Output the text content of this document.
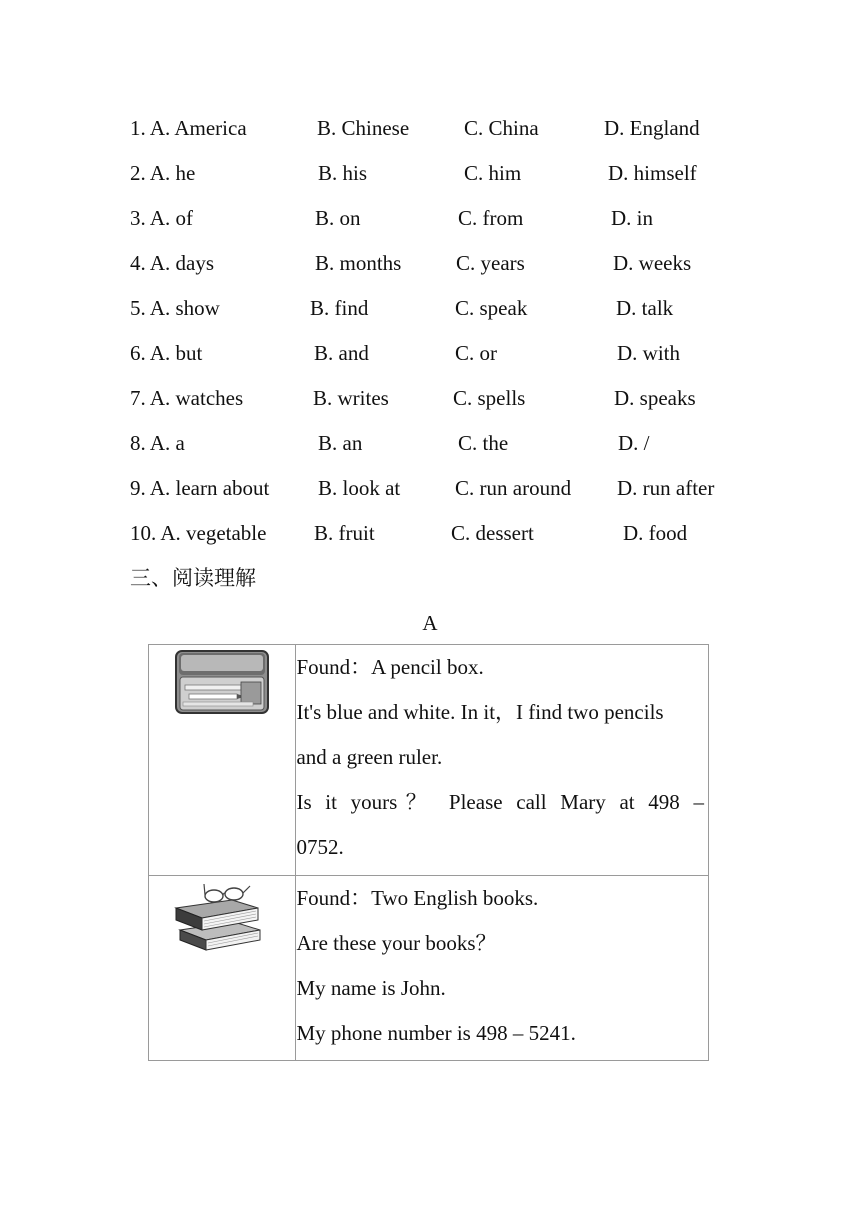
1. A. America	B. Chinese	C. China	D. England
2. A. he	B. his	C. him	D. himself
3. A. of	B. on	C. from	D. in
4. A. days	B. months	C. years	D. weeks
5. A. show	B. find	C. speak	D. talk
6. A. but	B. and	C. or	D. with
7. A. watches	B. writes	C. spells	D. speaks
8. A. a	B. an	C. the	D. /
9. A. learn about B. look at	C. run around D. run after
10. A. vegetable B. fruit	C. dessert	D. food
三、阅读理解
A

Found：A pencil box.

It's blue and white. In it，I find two pencils

and a green ruler.

Is it yours？ Please call Mary at 498 –

0752.

Found：Two English books.

Are these your books？

My name is John.

My phone number is 498 – 5241.
